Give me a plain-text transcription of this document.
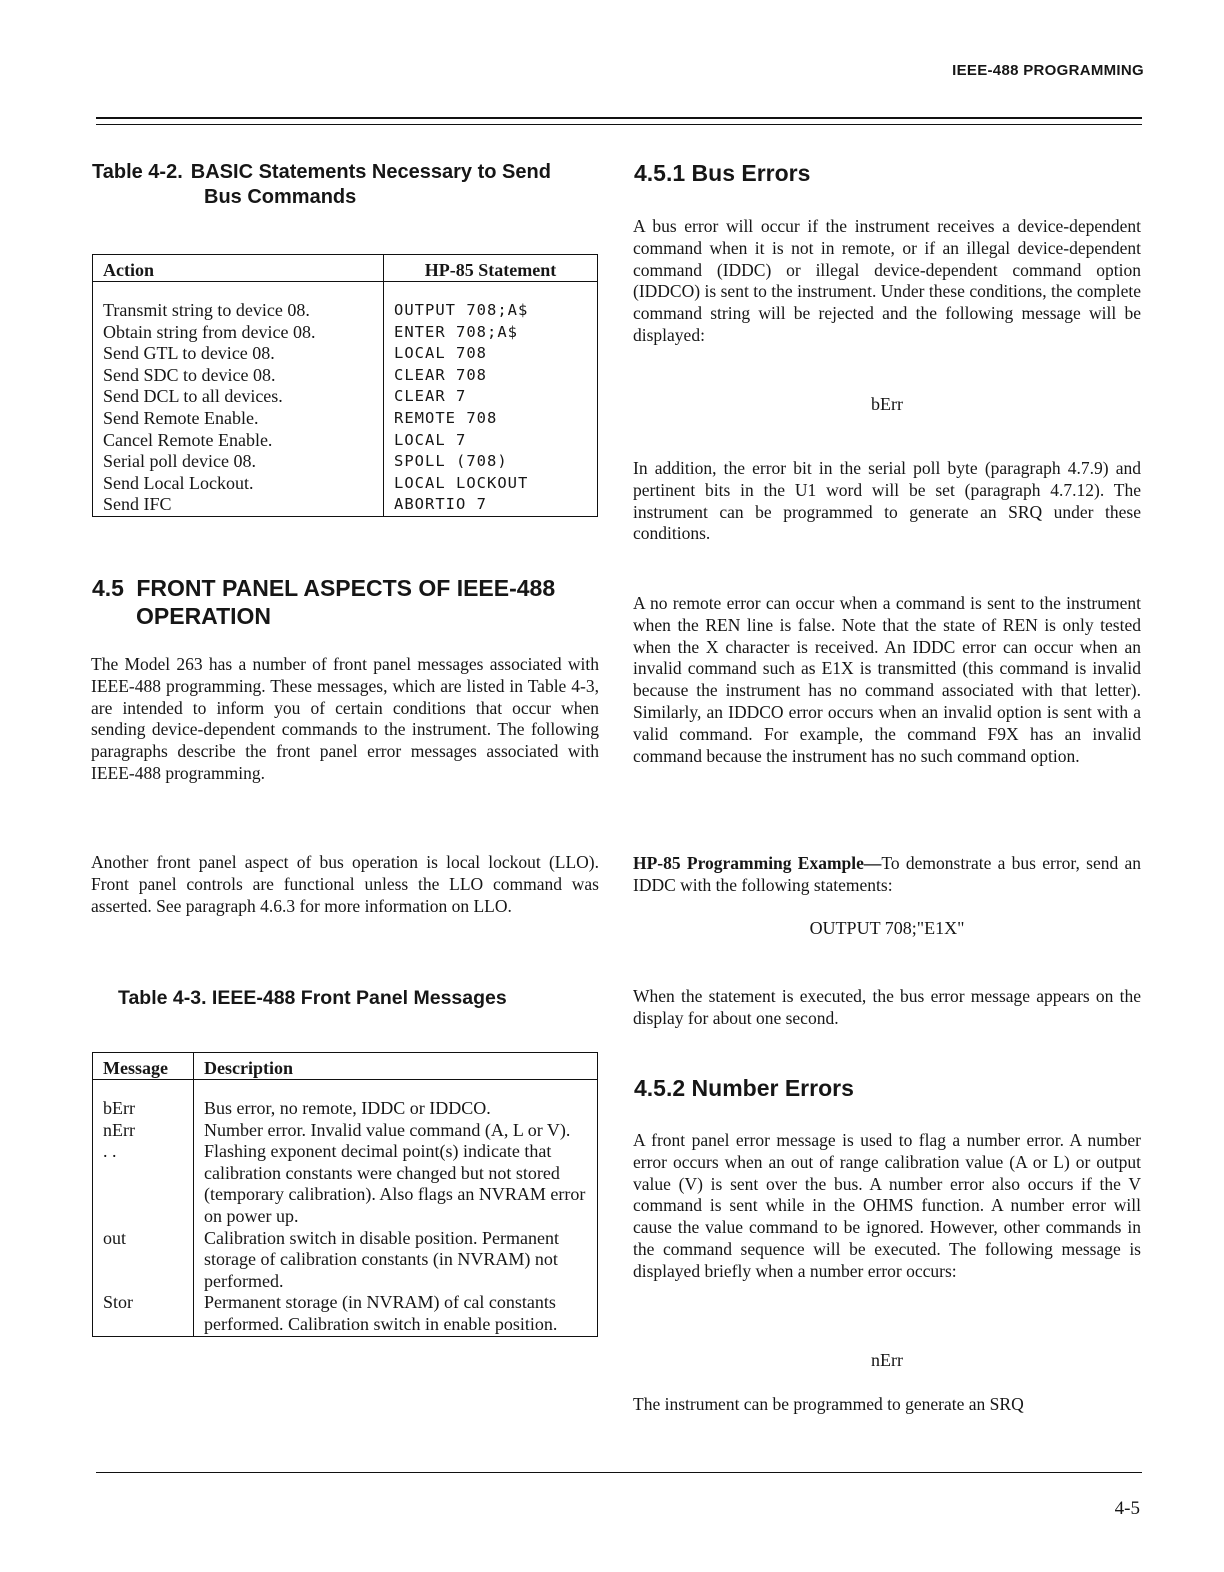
IEEE-488 PROGRAMMING
Table 4-2. BASIC Statements Necessary to Send
Bus Commands
Action	HP-85 Statement

Transmit string to device 08.	OUTPUT 708;A$
Obtain string from device 08.	ENTER 708;A$
Send GTL to device 08.	LOCAL 708
Send SDC to device 08.	CLEAR 708
Send DCL to all devices.	CLEAR 7
Send Remote Enable.	REMOTE 708
Cancel Remote Enable.	LOCAL 7
Serial poll device 08.	SPOLL (708)
Send Local Lockout.	LOCAL LOCKOUT
Send IFC	ABORTIO 7
4.5 FRONT PANEL ASPECTS OF IEEE-488
OPERATION

The Model 263 has a number of front panel messages associated with IEEE-488 programming. These messages, which are listed in Table 4-3, are intended to inform you of certain conditions that occur when sending device-dependent commands to the instrument. The following paragraphs describe the front panel error messages associated with IEEE-488 programming.

Another front panel aspect of bus operation is local lockout (LLO). Front panel controls are functional unless the LLO command was asserted. See paragraph 4.6.3 for more information on LLO.

Table 4-3. IEEE-488 Front Panel Messages
Message	Description

bErr	Bus error, no remote, IDDC or IDDCO.
nErr	Number error. Invalid value command (A, L or V).
. .	Flashing exponent decimal point(s) indicate that calibration constants were changed but not stored (temporary calibration). Also flags an NVRAM error on power up.
out	Calibration switch in disable position. Permanent storage of calibration constants (in NVRAM) not performed.
Stor	Permanent storage (in NVRAM) of cal constants performed. Calibration switch in enable position.
4.5.1 Bus Errors

A bus error will occur if the instrument receives a device-dependent command when it is not in remote, or if an illegal device-dependent command (IDDC) or illegal device-dependent command option (IDDCO) is sent to the instrument. Under these conditions, the complete command string will be rejected and the following message will be displayed:

bErr

In addition, the error bit in the serial poll byte (paragraph 4.7.9) and pertinent bits in the U1 word will be set (paragraph 4.7.12). The instrument can be programmed to generate an SRQ under these conditions.

A no remote error can occur when a command is sent to the instrument when the REN line is false. Note that the state of REN is only tested when the X character is received. An IDDC error can occur when an invalid command such as E1X is transmitted (this command is invalid because the instrument has no command associated with that letter). Similarly, an IDDCO error occurs when an invalid option is sent with a valid command. For example, the command F9X has an invalid command because the instrument has no such command option.

HP-85 Programming Example—To demonstrate a bus error, send an IDDC with the following statements:

OUTPUT 708;"E1X"

When the statement is executed, the bus error message appears on the display for about one second.

4.5.2 Number Errors

A front panel error message is used to flag a number error. A number error occurs when an out of range calibration value (A or L) or output value (V) is sent over the bus. A number error also occurs if the V command is sent while in the OHMS function. A number error will cause the value command to be ignored. However, other commands in the command sequence will be executed. The following message is displayed briefly when a number error occurs:

nErr

The instrument can be programmed to generate an SRQ

4-5
